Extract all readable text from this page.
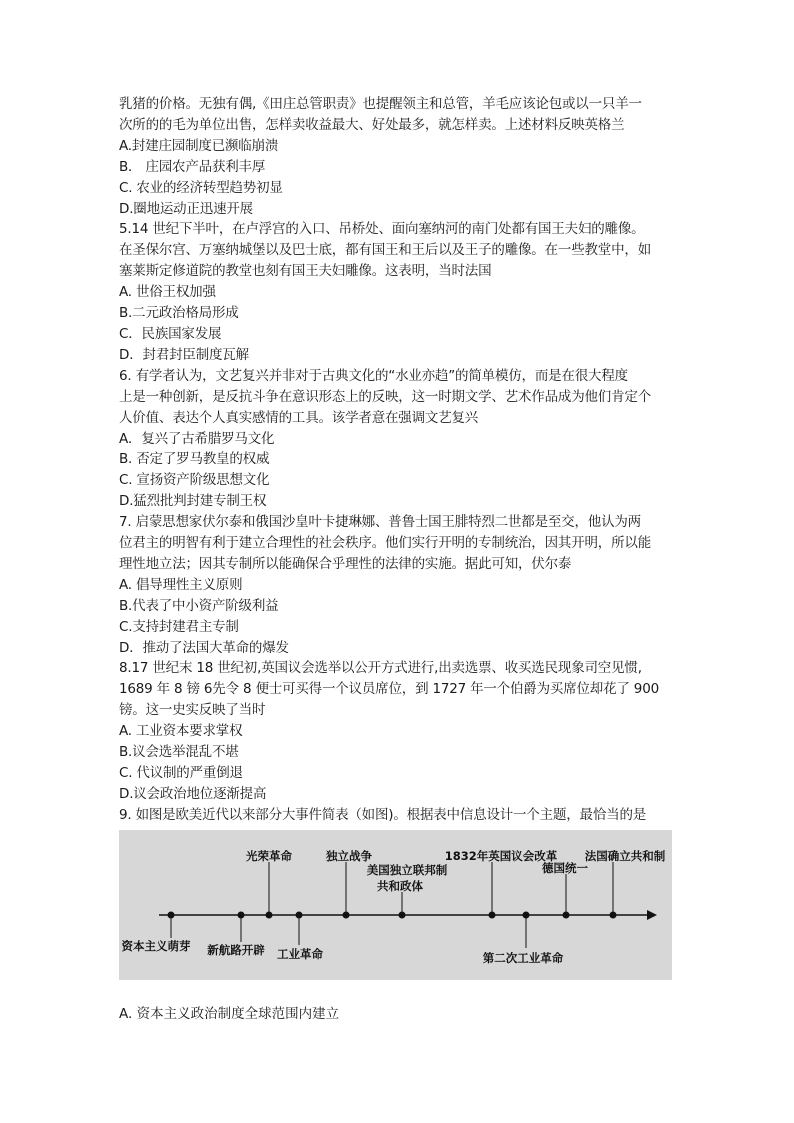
乳猪的价格。无独有偶,《田庄总管职责》也提醒领主和总管，羊毛应该论包或以一只羊一

次所的的毛为单位出售，怎样卖收益最大、好处最多，就怎样卖。上述材料反映英格兰

A.封建庄园制度已濒临崩溃

B． 庄园农产品获利丰厚

C. 农业的经济转型趋势初显

D.圈地运动正迅速开展

5.14 世纪下半叶，在卢浮宫的入口、吊桥处、面向塞纳河的南门处都有国王夫妇的雕像。

在圣保尔宫、万塞纳城堡以及巴士底，都有国王和王后以及王子的雕像。在一些教堂中，如

塞莱斯定修道院的教堂也刻有国王夫妇雕像。这表明，当时法国

A. 世俗王权加强

B.二元政治格局形成

C．民族国家发展

D．封君封臣制度瓦解

6. 有学者认为，文艺复兴并非对于古典文化的“水业亦趋”的简单模仿，而是在很大程度

上是一种创新，是反抗斗争在意识形态上的反映，这一时期文学、艺术作品成为他们肯定个

人价值、表达个人真实感情的工具。该学者意在强调文艺复兴

A．复兴了古希腊罗马文化

B. 否定了罗马教皇的权威

C. 宣扬资产阶级思想文化

D.猛烈批判封建专制王权

7. 启蒙思想家伏尔泰和俄国沙皇叶卡捷琳娜、普鲁士国王腓特烈二世都是至交，他认为两

位君主的明智有利于建立合理性的社会秩序。他们实行开明的专制统治，因其开明，所以能

理性地立法；因其专制所以能确保合乎理性的法律的实施。据此可知，伏尔泰

A. 倡导理性主义原则

B.代表了中小资产阶级利益

C.支持封建君主专制

D．推动了法国大革命的爆发

8.17 世纪末 18 世纪初,英国议会选举以公开方式进行,出卖选票、收买选民现象司空见惯,

1689 年 8 镑 6先令 8 便士可买得一个议员席位，到 1727 年一个伯爵为买席位却花了 900

镑。这一史实反映了当时

A. 工业资本要求掌权

B.议会选举混乱不堪

C. 代议制的严重倒退

D.议会政治地位逐渐提高

9. 如图是欧美近代以来部分大事件简表（如图)。根据表中信息设计一个主题，最恰当的是

光荣革命	独立战争
美国独立联邦制
共和政体
1832年英国议会改革
德国统一
法国确立共和制
资本主义萌芽 新航路开辟 工业革命	第二次工业革命

A. 资本主义政治制度全球范围内建立
